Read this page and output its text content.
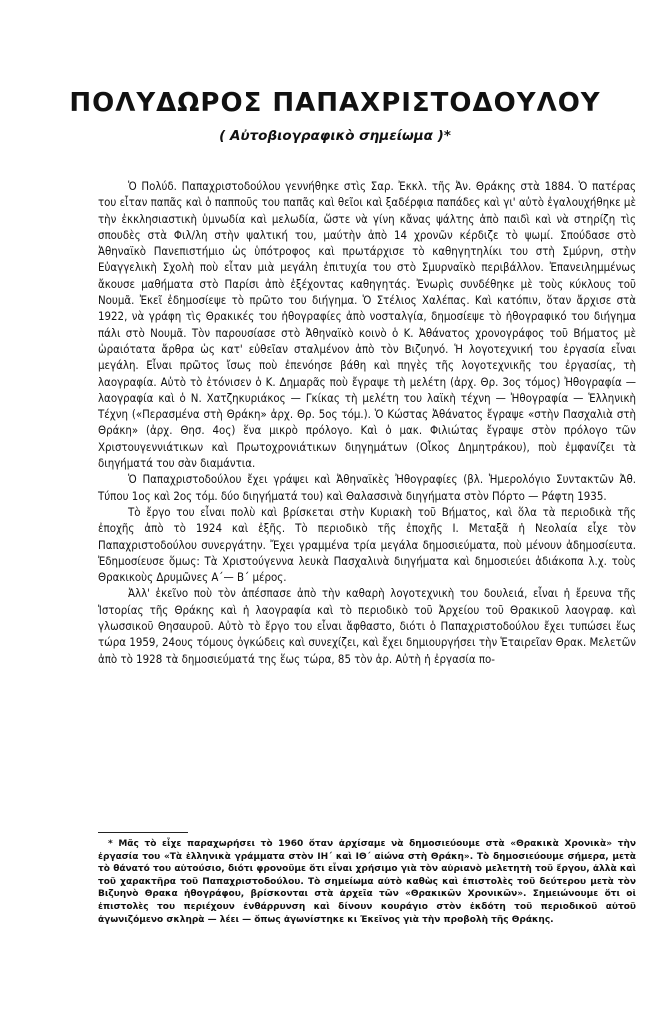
ΠΟΛΥΔΩΡΟΣ ΠΑΠΑΧΡΙΣΤΟΔΟΥΛΟΥ
( Αὐτοβιογραφικὸ σημείωμα )*

Ὁ Πολύδ. Παπαχριστοδούλου γεννήθηκε στὶς Σαρ. Ἐκκλ. τῆς Ἀν. Θράκης στὰ 1884. Ὁ πατέρας του εἶταν παπᾶς καὶ ὁ παπποῦς του παπᾶς καὶ θεῖοι καὶ ξαδέρφια παπάδες καὶ γι' αὐτὸ ἐγαλουχήθηκε μὲ τὴν ἐκκλησιαστικὴ ὑμνωδία καὶ μελωδία, ὥστε νὰ γίνη κἄνας ψάλτης ἀπὸ παιδὶ καὶ νὰ στηρίζη τὶς σπουδὲς στὰ Φιλ/λη στὴν ψαλτική του, μαύτὴν ἀπὸ 14 χρονῶν κέρδιζε τὸ ψωμί. Σπούδασε στὸ Ἀθηναϊκὸ Πανεπιστήμιο ὡς ὑπότροφος καὶ πρωτάρχισε τὸ καθηγητηλίκι του στὴ Σμύρνη, στὴν Εὐαγγελικὴ Σχολὴ ποὺ εἶταν μιὰ μεγάλη ἐπιτυχία του στὸ Σμυρναϊκὸ περιβάλλον. Ἐπανειλημμένως ἄκουσε μαθήματα στὸ Παρίσι ἀπὸ ἐξέχοντας καθηγητάς. Ἐνωρὶς συνδέθηκε μὲ τοὺς κύκλους τοῦ Νουμᾶ. Ἐκεῖ ἐδημοσίεψε τὸ πρῶτο του διήγημα. Ὁ Στέλιος Χαλέπας. Καὶ κατόπιν, ὅταν ἄρχισε στὰ 1922, νὰ γράφη τὶς Θρακικές του ἠθογραφίες ἀπὸ νοσταλγία, δημοσίεψε τὸ ἠθογραφικό του διήγημα πάλι στὸ Νουμᾶ. Τὸν παρουσίασε στὸ Ἀθηναϊκὸ κοινὸ ὁ Κ. Ἀθάνατος χρονογράφος τοῦ Βήματος μὲ ὡραιότατα ἄρθρα ὡς κατ' εὐθεῖαν σταλμένον ἀπὸ τὸν Βιζυηνό. Ἡ λογοτεχνική του ἐργασία εἶναι μεγάλη. Εἶναι πρῶτος ἴσως ποὺ ἐπενόησε βάθη καὶ πηγὲς τῆς λογοτεχνικῆς του ἐργασίας, τὴ λαογραφία. Αὐτὸ τὸ ἐτόνισεν ὁ Κ. Δημαρᾶς ποὺ ἔγραψε τὴ μελέτη (ἀρχ. Θρ. 3ος τόμος) Ἠθογραφία — λαογραφία καὶ ὁ Ν. Χατζηκυριάκος — Γκίκας τὴ μελέτη του λαϊκὴ τέχνη — Ἠθογραφία — Ἑλληνικὴ Τέχνη («Περασμένα στὴ Θράκη» ἀρχ. Θρ. 5ος τόμ.). Ὁ Κώστας Ἀθάνατος ἔγραψε «στὴν Πασχαλιὰ στὴ Θράκη» (ἀρχ. Θησ. 4ος) ἕνα μικρὸ πρόλογο. Καὶ ὁ μακ. Φιλιώτας ἔγραψε στὸν πρόλογο τῶν Χριστουγεννιάτικων καὶ Πρωτοχρονιάτικων διηγημάτων (Οἶκος Δημητράκου), ποὺ ἐμφανίζει τὰ διηγήματά του σὰν διαμάντια.

Ὁ Παπαχριστοδούλου ἔχει γράψει καὶ Ἀθηναϊκὲς Ἠθογραφίες (βλ. Ἡμερολόγιο Συντακτῶν Ἀθ. Τύπου 1ος καὶ 2ος τόμ. δύο διηγήματά του) καὶ Θαλασσινὰ διηγήματα στὸν Πόρτο — Ράφτη 1935.

Τὸ ἔργο του εἶναι πολὺ καὶ βρίσκεται στὴν Κυριακὴ τοῦ Βήματος, καὶ ὅλα τὰ περιοδικὰ τῆς ἐποχῆς ἀπὸ τὸ 1924 καὶ ἐξῆς. Τὸ περιοδικὸ τῆς ἐποχῆς Ι. Μεταξᾶ ἡ Νεολαία εἶχε τὸν Παπαχριστοδούλου συνεργάτην. Ἔχει γραμμένα τρία μεγάλα δημοσιεύματα, ποὺ μένουν ἀδημοσίευτα. Ἐδημοσίευσε ὅμως: Τὰ Χριστούγεννα λευκὰ Πασχαλινὰ διηγήματα καὶ δημοσιεύει ἀδιάκοπα λ.χ. τοὺς Θρακικοὺς Δρυμῶνες Α΄— Β΄ μέρος.

Ἀλλ' ἐκεῖνο ποὺ τὸν ἀπέσπασε ἀπὸ τὴν καθαρὴ λογοτεχνικὴ του δουλειά, εἶναι ἡ ἔρευνα τῆς Ἱστορίας τῆς Θράκης καὶ ἡ λαογραφία καὶ τὸ περιοδικὸ τοῦ Ἀρχείου τοῦ Θρακικοῦ λαογραφ. καὶ γλωσσικοῦ Θησαυροῦ. Αὐτὸ τὸ ἔργο του εἶναι ἄφθαστο, διότι ὁ Παπαχριστοδούλου ἔχει τυπώσει ἕως τώρα 1959, 24ους τόμους ὀγκώδεις καὶ συνεχίζει, καὶ ἔχει δημιουργήσει τὴν Ἑταιρεῖαν Θρακ. Μελετῶν ἀπὸ τὸ 1928 τὰ δημοσιεύματά της ἕως τώρα, 85 τὸν ἀρ. Αὐτὴ ἡ ἐργασία πο-

* Μᾶς τὸ εἶχε παραχωρήσει τὸ 1960 ὅταν ἀρχίσαμε νὰ δημοσιεύουμε στὰ «Θρακικὰ Χρονικὰ» τὴν ἐργασία του «Τὰ ἑλληνικὰ γράμματα στὸν ΙΗ΄ καὶ ΙΘ΄ αἰώνα στὴ Θράκη». Τὸ δημοσιεύουμε σήμερα, μετὰ τὸ θάνατό του αὐτούσιο, διότι φρονοῦμε ὅτι εἶναι χρήσιμο γιὰ τὸν αὐριανὸ μελετητὴ τοῦ ἔργου, ἀλλὰ καὶ τοῦ χαρακτῆρα τοῦ Παπαχριστοδούλου. Τὸ σημείωμα αὐτὸ καθὼς καὶ ἐπιστολὲς τοῦ δεύτερου μετὰ τὸν Βιζυηνὸ Θρακα ἠθογράφου, βρίσκονται στὰ ἀρχεῖα τῶν «Θρακικῶν Χρονικῶν». Σημειώνουμε ὅτι οἱ ἐπιστολὲς του περιέχουν ἐνθάρρυνση καὶ δίνουν κουράγιο στὸν ἐκδότη τοῦ περιοδικοῦ αὐτοῦ ἀγωνιζόμενο σκληρὰ — λέει — ὅπως ἀγωνίστηκε κι Ἐκεῖνος γιὰ τὴν προβολὴ τῆς Θράκης.
